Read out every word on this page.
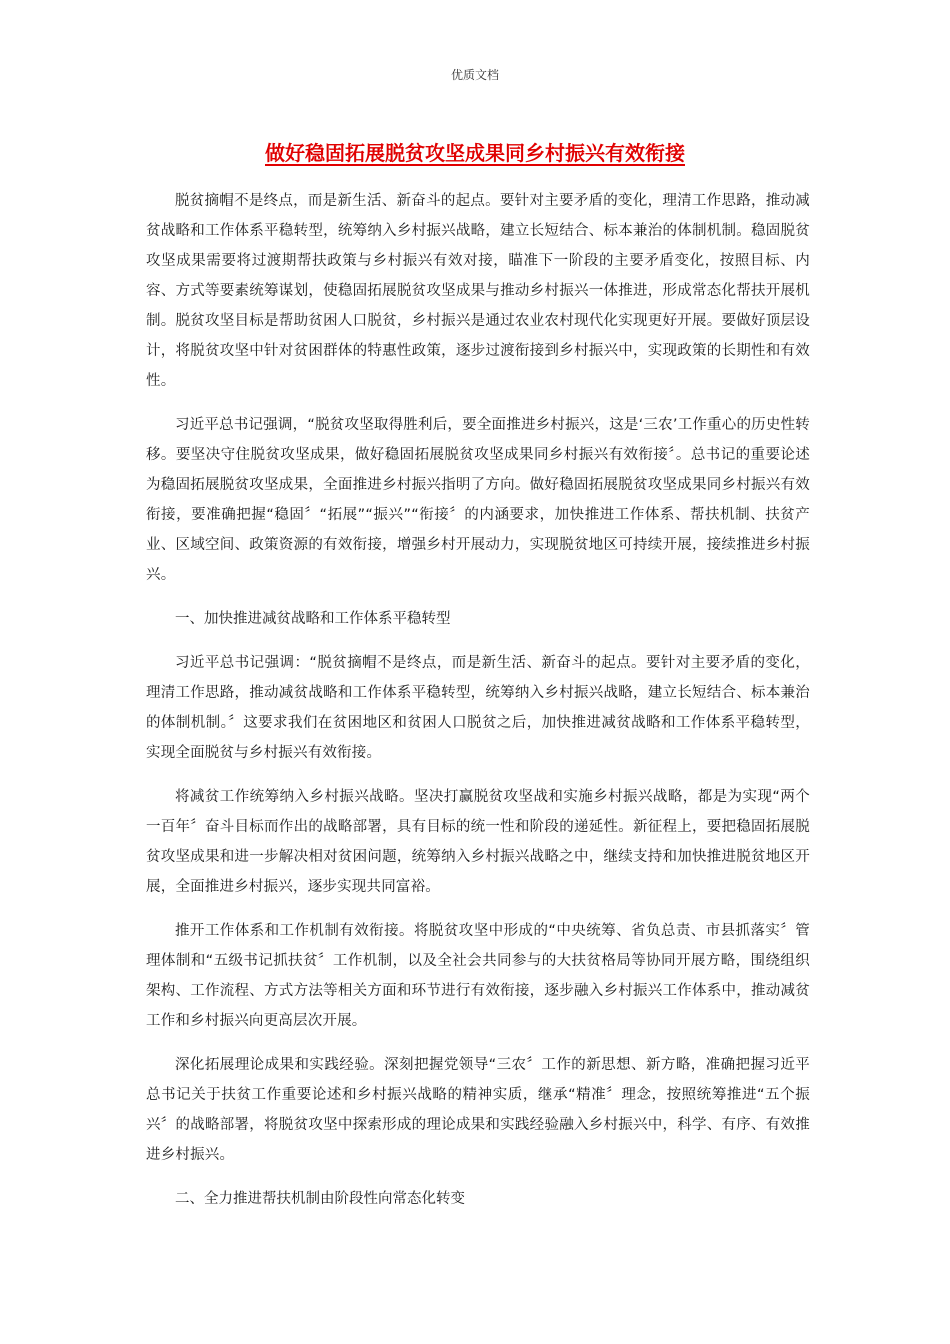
优质文档
做好稳固拓展脱贫攻坚成果同乡村振兴有效衔接

脱贫摘帽不是终点，而是新生活、新奋斗的起点。要针对主要矛盾的变化，理清工作思路，推动减贫战略和工作体系平稳转型，统筹纳入乡村振兴战略，建立长短结合、标本兼治的体制机制。稳固脱贫攻坚成果需要将过渡期帮扶政策与乡村振兴有效对接，瞄准下一阶段的主要矛盾变化，按照目标、内容、方式等要素统筹谋划，使稳固拓展脱贫攻坚成果与推动乡村振兴一体推进，形成常态化帮扶开展机制。脱贫攻坚目标是帮助贫困人口脱贫，乡村振兴是通过农业农村现代化实现更好开展。要做好顶层设计，将脱贫攻坚中针对贫困群体的特惠性政策，逐步过渡衔接到乡村振兴中，实现政策的长期性和有效性。

习近平总书记强调，“脱贫攻坚取得胜利后，要全面推进乡村振兴，这是‘三农’工作重心的历史性转移。要坚决守住脱贫攻坚成果，做好稳固拓展脱贫攻坚成果同乡村振兴有效衔接〞。总书记的重要论述为稳固拓展脱贫攻坚成果，全面推进乡村振兴指明了方向。做好稳固拓展脱贫攻坚成果同乡村振兴有效衔接，要准确把握“稳固〞“拓展”“振兴”“衔接〞的内涵要求，加快推进工作体系、帮扶机制、扶贫产业、区域空间、政策资源的有效衔接，增强乡村开展动力，实现脱贫地区可持续开展，接续推进乡村振兴。

一、加快推进减贫战略和工作体系平稳转型

习近平总书记强调：“脱贫摘帽不是终点，而是新生活、新奋斗的起点。要针对主要矛盾的变化，理清工作思路，推动减贫战略和工作体系平稳转型，统筹纳入乡村振兴战略，建立长短结合、标本兼治的体制机制。〞这要求我们在贫困地区和贫困人口脱贫之后，加快推进减贫战略和工作体系平稳转型，实现全面脱贫与乡村振兴有效衔接。

将减贫工作统筹纳入乡村振兴战略。坚决打赢脱贫攻坚战和实施乡村振兴战略，都是为实现“两个一百年〞奋斗目标而作出的战略部署，具有目标的统一性和阶段的递延性。新征程上，要把稳固拓展脱贫攻坚成果和进一步解决相对贫困问题，统筹纳入乡村振兴战略之中，继续支持和加快推进脱贫地区开展，全面推进乡村振兴，逐步实现共同富裕。

推开工作体系和工作机制有效衔接。将脱贫攻坚中形成的“中央统筹、省负总责、市县抓落实〞管理体制和“五级书记抓扶贫〞工作机制，以及全社会共同参与的大扶贫格局等协同开展方略，围绕组织架构、工作流程、方式方法等相关方面和环节进行有效衔接，逐步融入乡村振兴工作体系中，推动减贫工作和乡村振兴向更高层次开展。

深化拓展理论成果和实践经验。深刻把握党领导“三农〞工作的新思想、新方略，准确把握习近平总书记关于扶贫工作重要论述和乡村振兴战略的精神实质，继承“精准〞理念，按照统筹推进“五个振兴〞的战略部署，将脱贫攻坚中探索形成的理论成果和实践经验融入乡村振兴中，科学、有序、有效推进乡村振兴。

二、全力推进帮扶机制由阶段性向常态化转变
